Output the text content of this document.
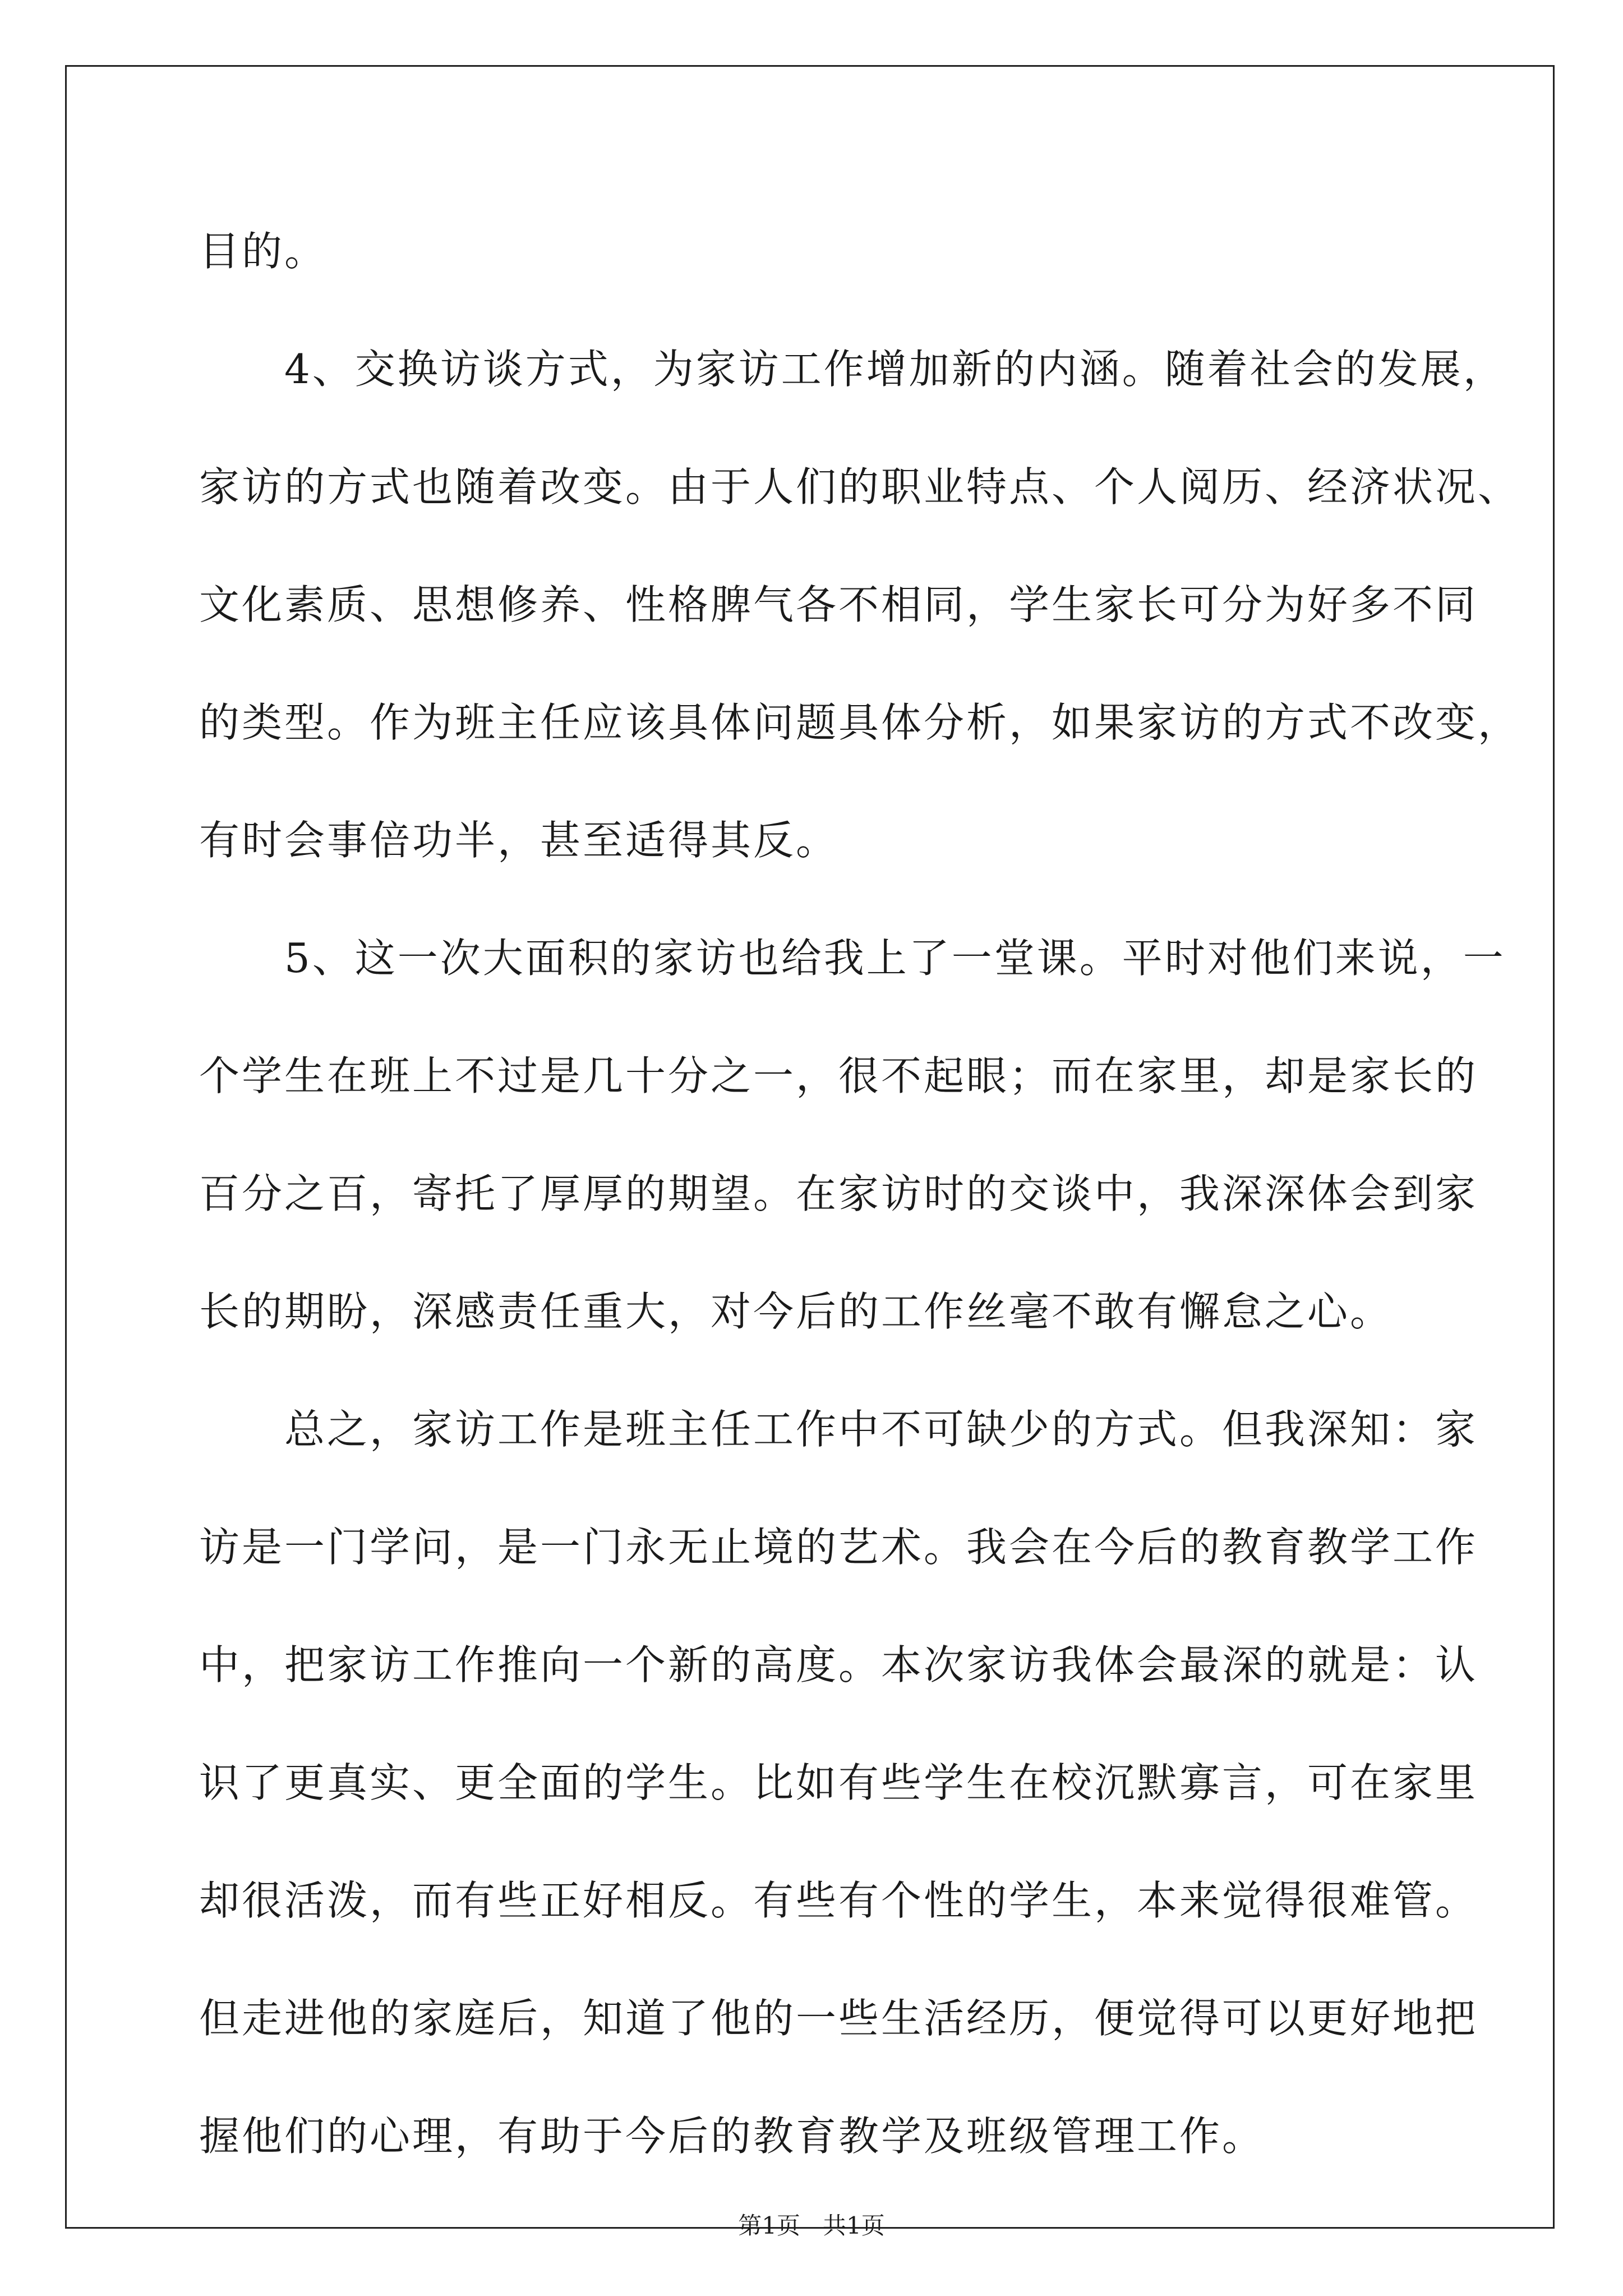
目的。
　　4、交换访谈方式，为家访工作增加新的内涵。随着社会的发展，
家访的方式也随着改变。由于人们的职业特点、个人阅历、经济状况、
文化素质、思想修养、性格脾气各不相同，学生家长可分为好多不同
的类型。作为班主任应该具体问题具体分析，如果家访的方式不改变，
有时会事倍功半，甚至适得其反。
　　5、这一次大面积的家访也给我上了一堂课。平时对他们来说，一
个学生在班上不过是几十分之一，很不起眼；而在家里，却是家长的
百分之百，寄托了厚厚的期望。在家访时的交谈中，我深深体会到家
长的期盼，深感责任重大，对今后的工作丝毫不敢有懈怠之心。
　　总之，家访工作是班主任工作中不可缺少的方式。但我深知：家
访是一门学问，是一门永无止境的艺术。我会在今后的教育教学工作
中，把家访工作推向一个新的高度。本次家访我体会最深的就是：认
识了更真实、更全面的学生。比如有些学生在校沉默寡言，可在家里
却很活泼，而有些正好相反。有些有个性的学生，本来觉得很难管。
但走进他的家庭后，知道了他的一些生活经历，便觉得可以更好地把
握他们的心理，有助于今后的教育教学及班级管理工作。
第1页 共1页
